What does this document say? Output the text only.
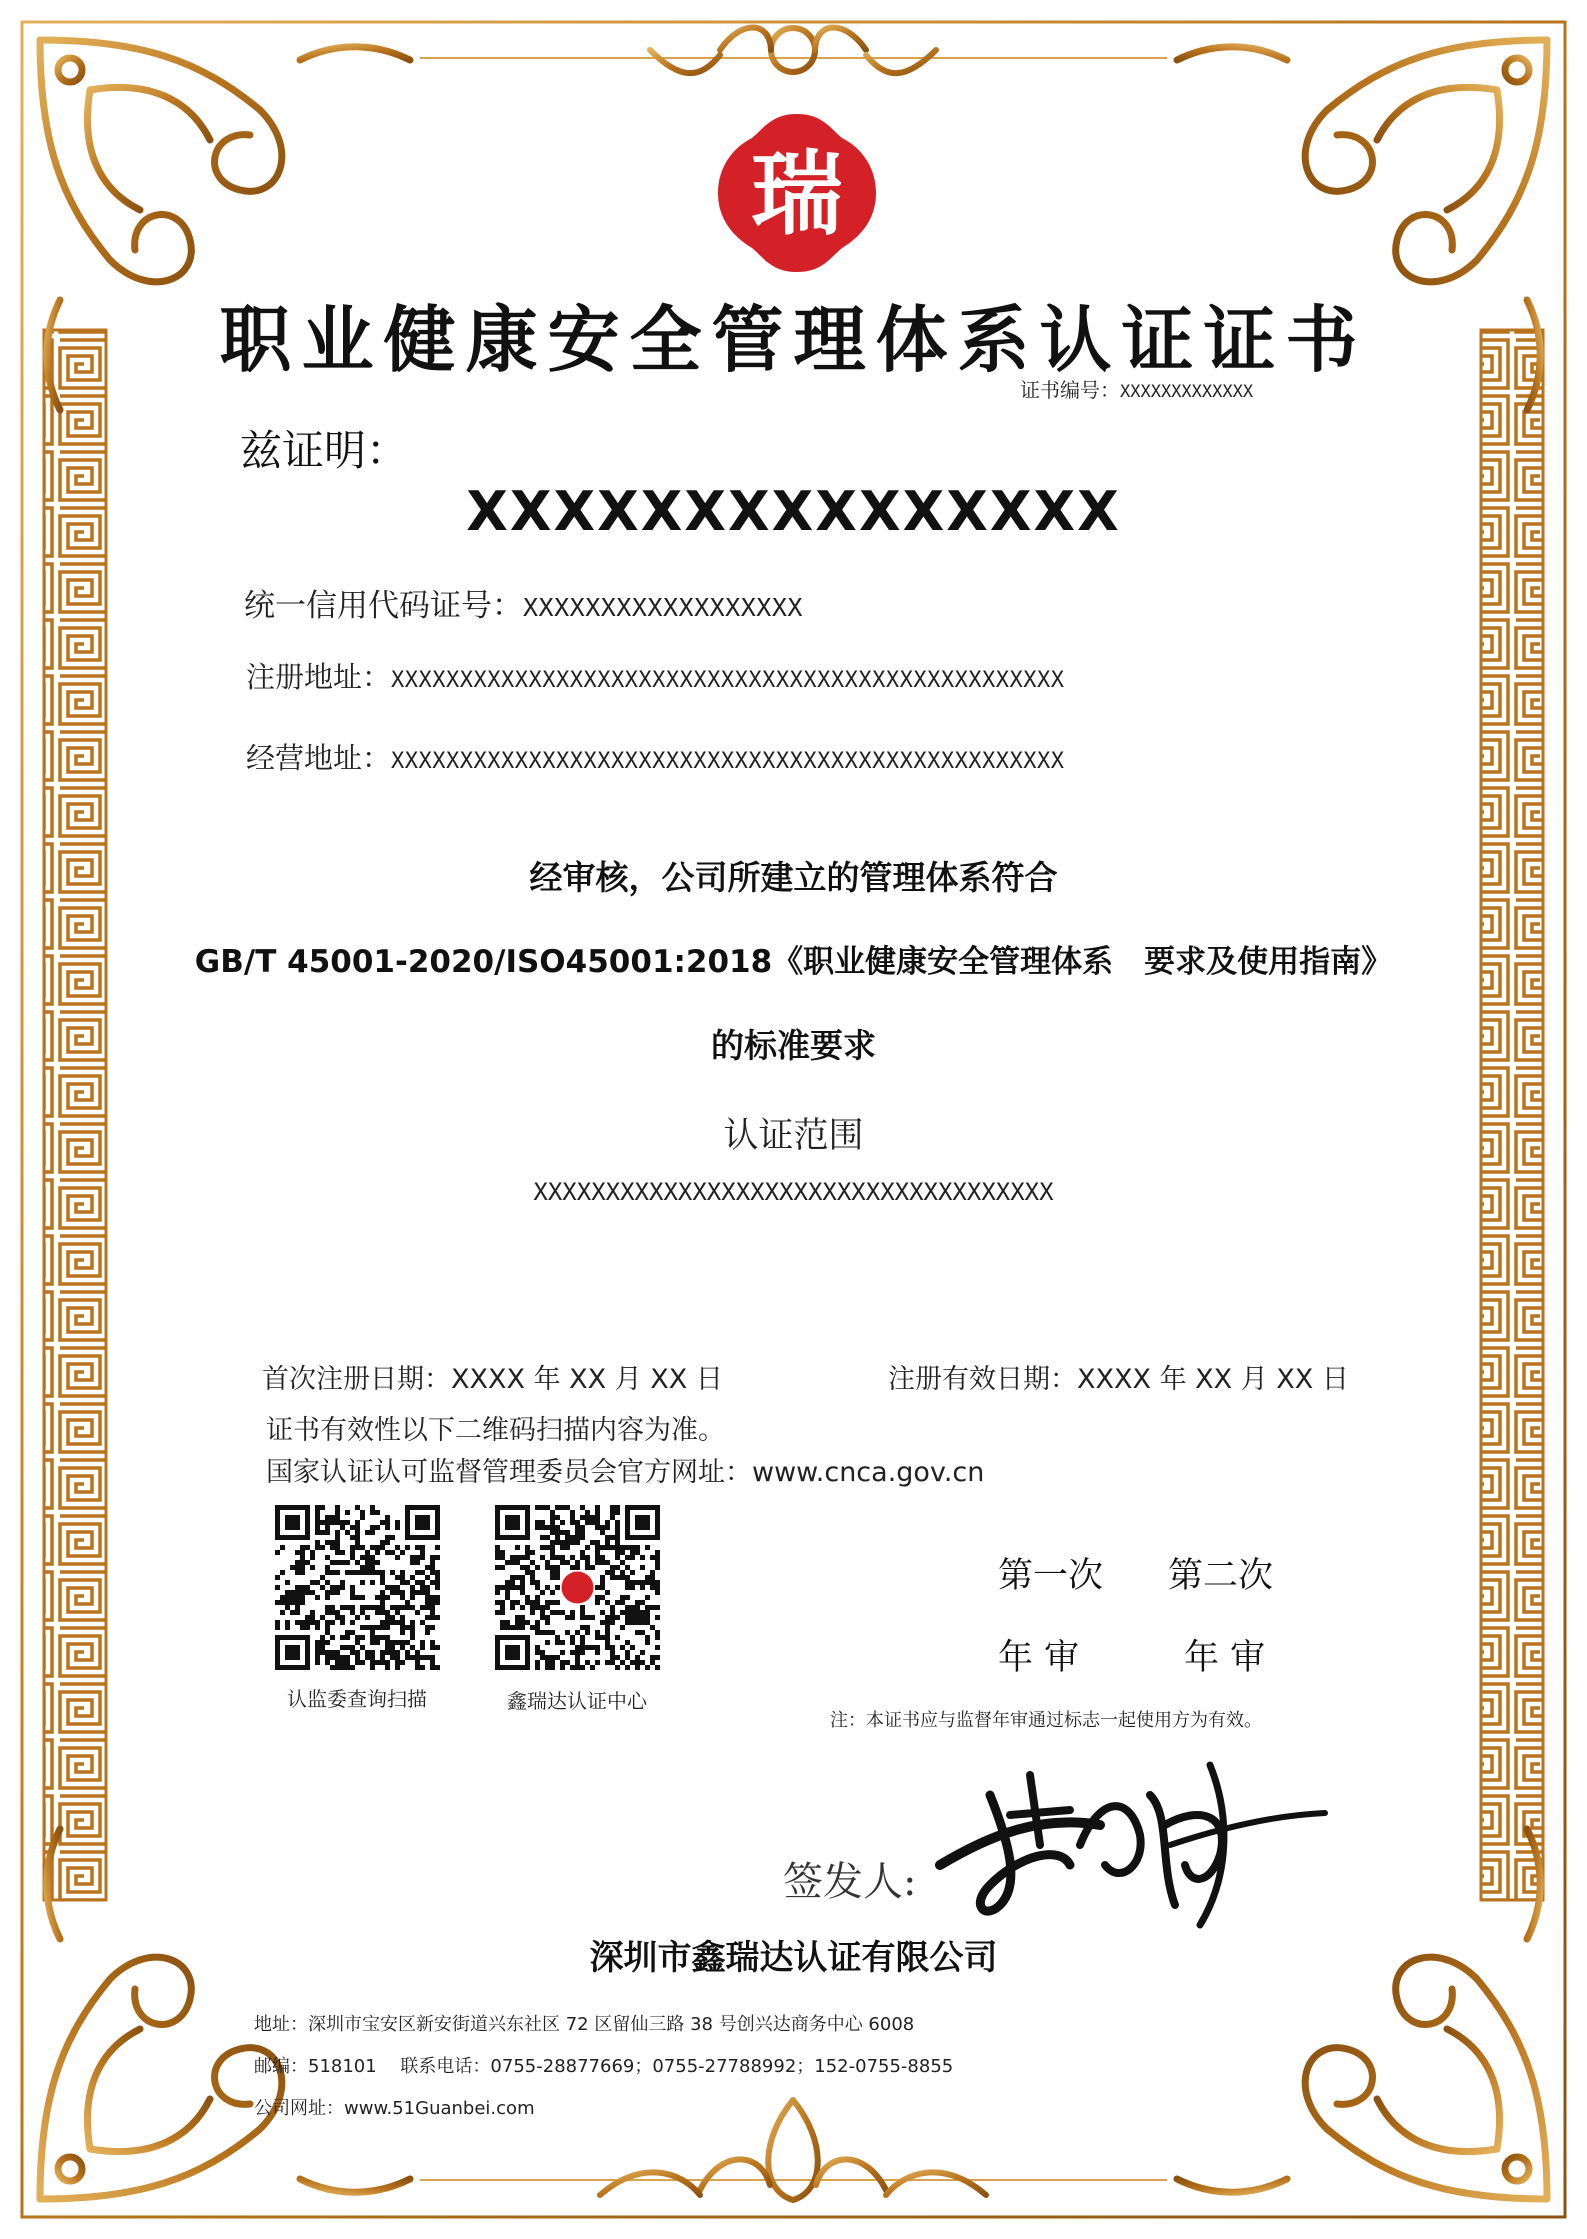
瑞
职业健康安全管理体系认证证书
证书编号：XXXXXXXXXXXXX
兹证明：
XXXXXXXXXXXXXXX
统一信用代码证号：XXXXXXXXXXXXXXXXXX
注册地址：XXXXXXXXXXXXXXXXXXXXXXXXXXXXXXXXXXXXXXXXXXXXXXXXX
经营地址：XXXXXXXXXXXXXXXXXXXXXXXXXXXXXXXXXXXXXXXXXXXXXXXXX
经审核，公司所建立的管理体系符合
GB/T 45001-2020/ISO45001:2018《职业健康安全管理体系　要求及使用指南》
的标准要求
认证范围
XXXXXXXXXXXXXXXXXXXXXXXXXXXXXXXXXXXX
首次注册日期：XXXX 年 XX 月 XX 日	注册有效日期：XXXX 年 XX 月 XX 日
证书有效性以下二维码扫描内容为准。
国家认证认可监督管理委员会官方网址：www.cnca.gov.cn
认监委查询扫描	鑫瑞达认证中心
第一次 第二次
年 审	年 审
注：本证书应与监督年审通过标志一起使用方为有效。
签发人:
深圳市鑫瑞达认证有限公司
地址：深圳市宝安区新安街道兴东社区 72 区留仙三路 38 号创兴达商务中心 6008
邮编：518101　 联系电话：0755-28877669；0755-27788992；152-0755-8855
公司网址：www.51Guanbei.com
